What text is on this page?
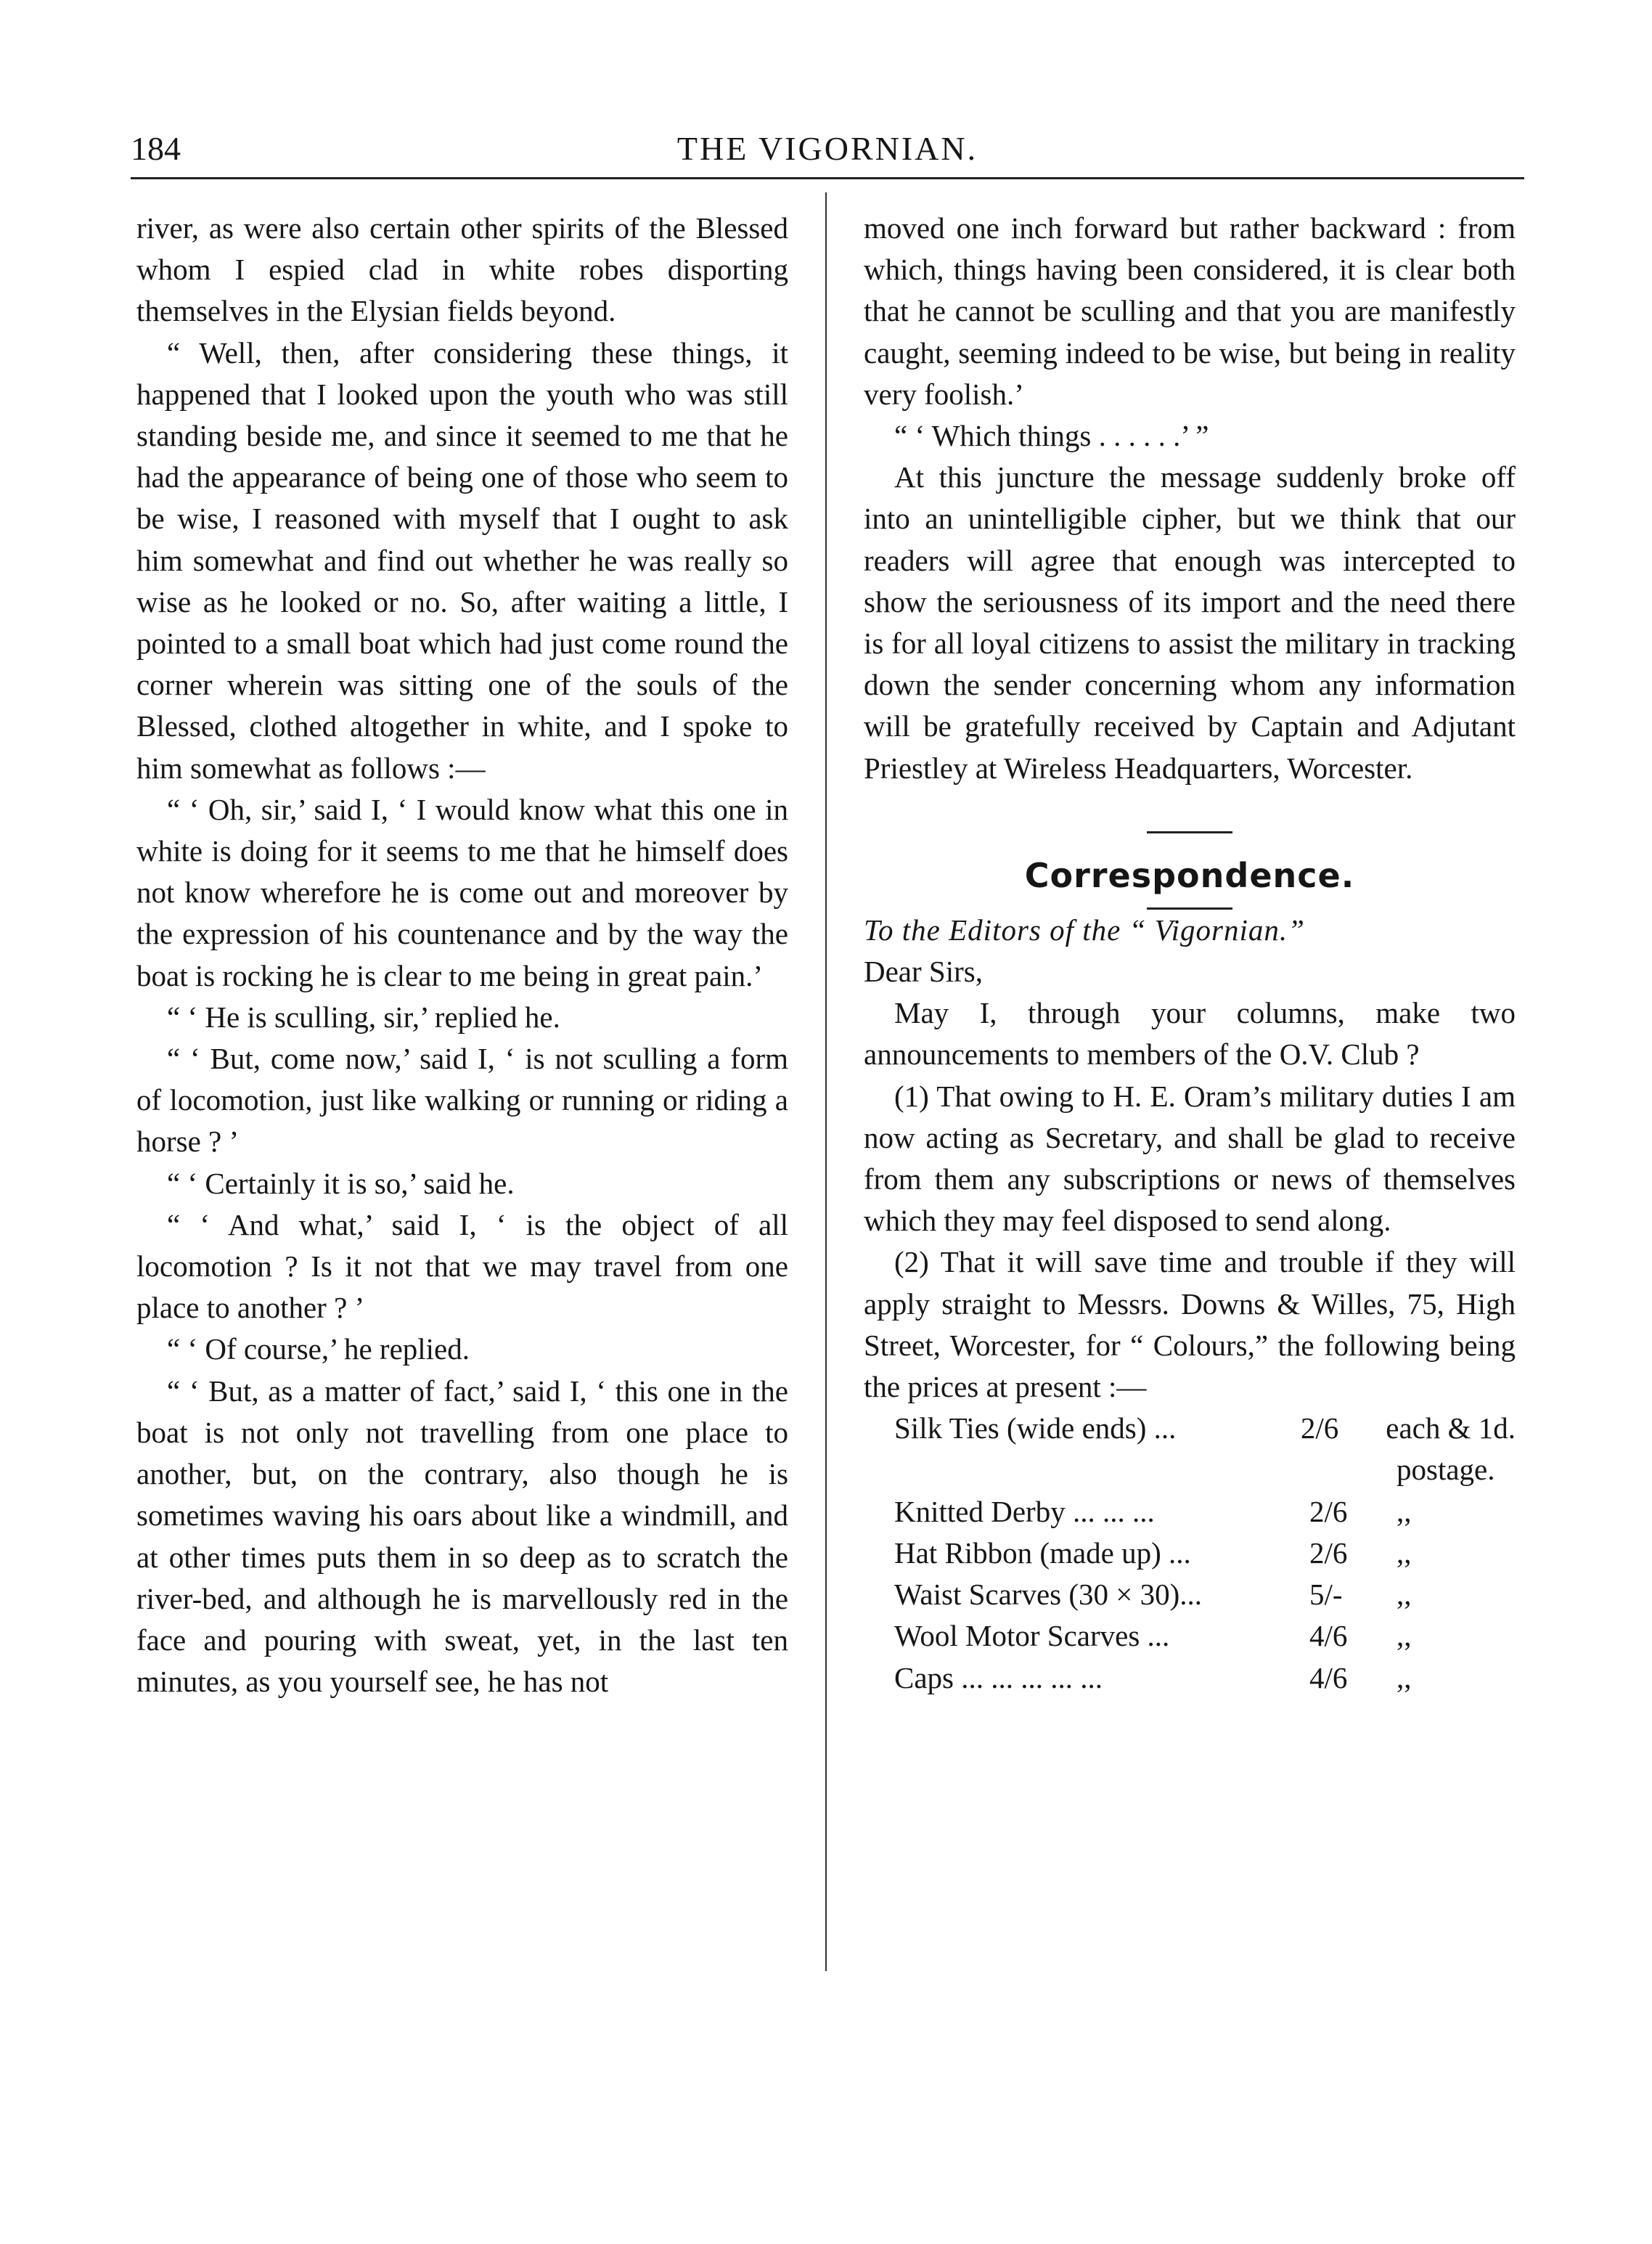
184	THE VIGORNIAN.

river, as were also certain other spirits of the Blessed whom I espied clad in white robes disporting themselves in the Elysian fields beyond.

“ Well, then, after considering these things, it happened that I looked upon the youth who was still standing beside me, and since it seemed to me that he had the appearance of being one of those who seem to be wise, I reasoned with myself that I ought to ask him somewhat and find out whether he was really so wise as he looked or no. So, after waiting a little, I pointed to a small boat which had just come round the corner wherein was sitting one of the souls of the Blessed, clothed altogether in white, and I spoke to him somewhat as follows :—

“ ‘ Oh, sir,’ said I, ‘ I would know what this one in white is doing for it seems to me that he himself does not know wherefore he is come out and moreover by the expression of his countenance and by the way the boat is rocking he is clear to me being in great pain.’

“ ‘ He is sculling, sir,’ replied he.

“ ‘ But, come now,’ said I, ‘ is not sculling a form of locomotion, just like walking or running or riding a horse ? ’

“ ‘ Certainly it is so,’ said he.

“ ‘ And what,’ said I, ‘ is the object of all locomotion ? Is it not that we may travel from one place to another ? ’

“ ‘ Of course,’ he replied.

“ ‘ But, as a matter of fact,’ said I, ‘ this one in the boat is not only not travelling from one place to another, but, on the contrary, also though he is sometimes waving his oars about like a windmill, and at other times puts them in so deep as to scratch the river-bed, and although he is marvellously red in the face and pouring with sweat, yet, in the last ten minutes, as you yourself see, he has not

moved one inch forward but rather backward : from which, things having been considered, it is clear both that he cannot be sculling and that you are manifestly caught, seeming indeed to be wise, but being in reality very foolish.’

“ ‘ Which things . . . . . .’ ”

At this juncture the message suddenly broke off into an unintelligible cipher, but we think that our readers will agree that enough was intercepted to show the seriousness of its import and the need there is for all loyal citizens to assist the military in tracking down the sender concerning whom any information will be gratefully received by Captain and Adjutant Priestley at Wireless Headquarters, Worcester.

Correspondence.

To the Editors of the “ Vigornian.”

Dear Sirs,

May I, through your columns, make two announcements to members of the O.V. Club ?

(1) That owing to H. E. Oram’s military duties I am now acting as Secretary, and shall be glad to receive from them any subscriptions or news of themselves which they may feel disposed to send along.

(2) That it will save time and trouble if they will apply straight to Messrs. Downs & Willes, 75, High Street, Worcester, for “ Colours,” the following being the prices at present :—

Silk Ties (wide ends) ...	2/6	each & 1d.
postage.
Knitted Derby ... ... ...	2/6	,,
Hat Ribbon (made up) ...	2/6	,,
Waist Scarves (30 × 30)...	5/-	,,
Wool Motor Scarves ...	4/6	,,
Caps ... ... ... ... ...	4/6	,,
